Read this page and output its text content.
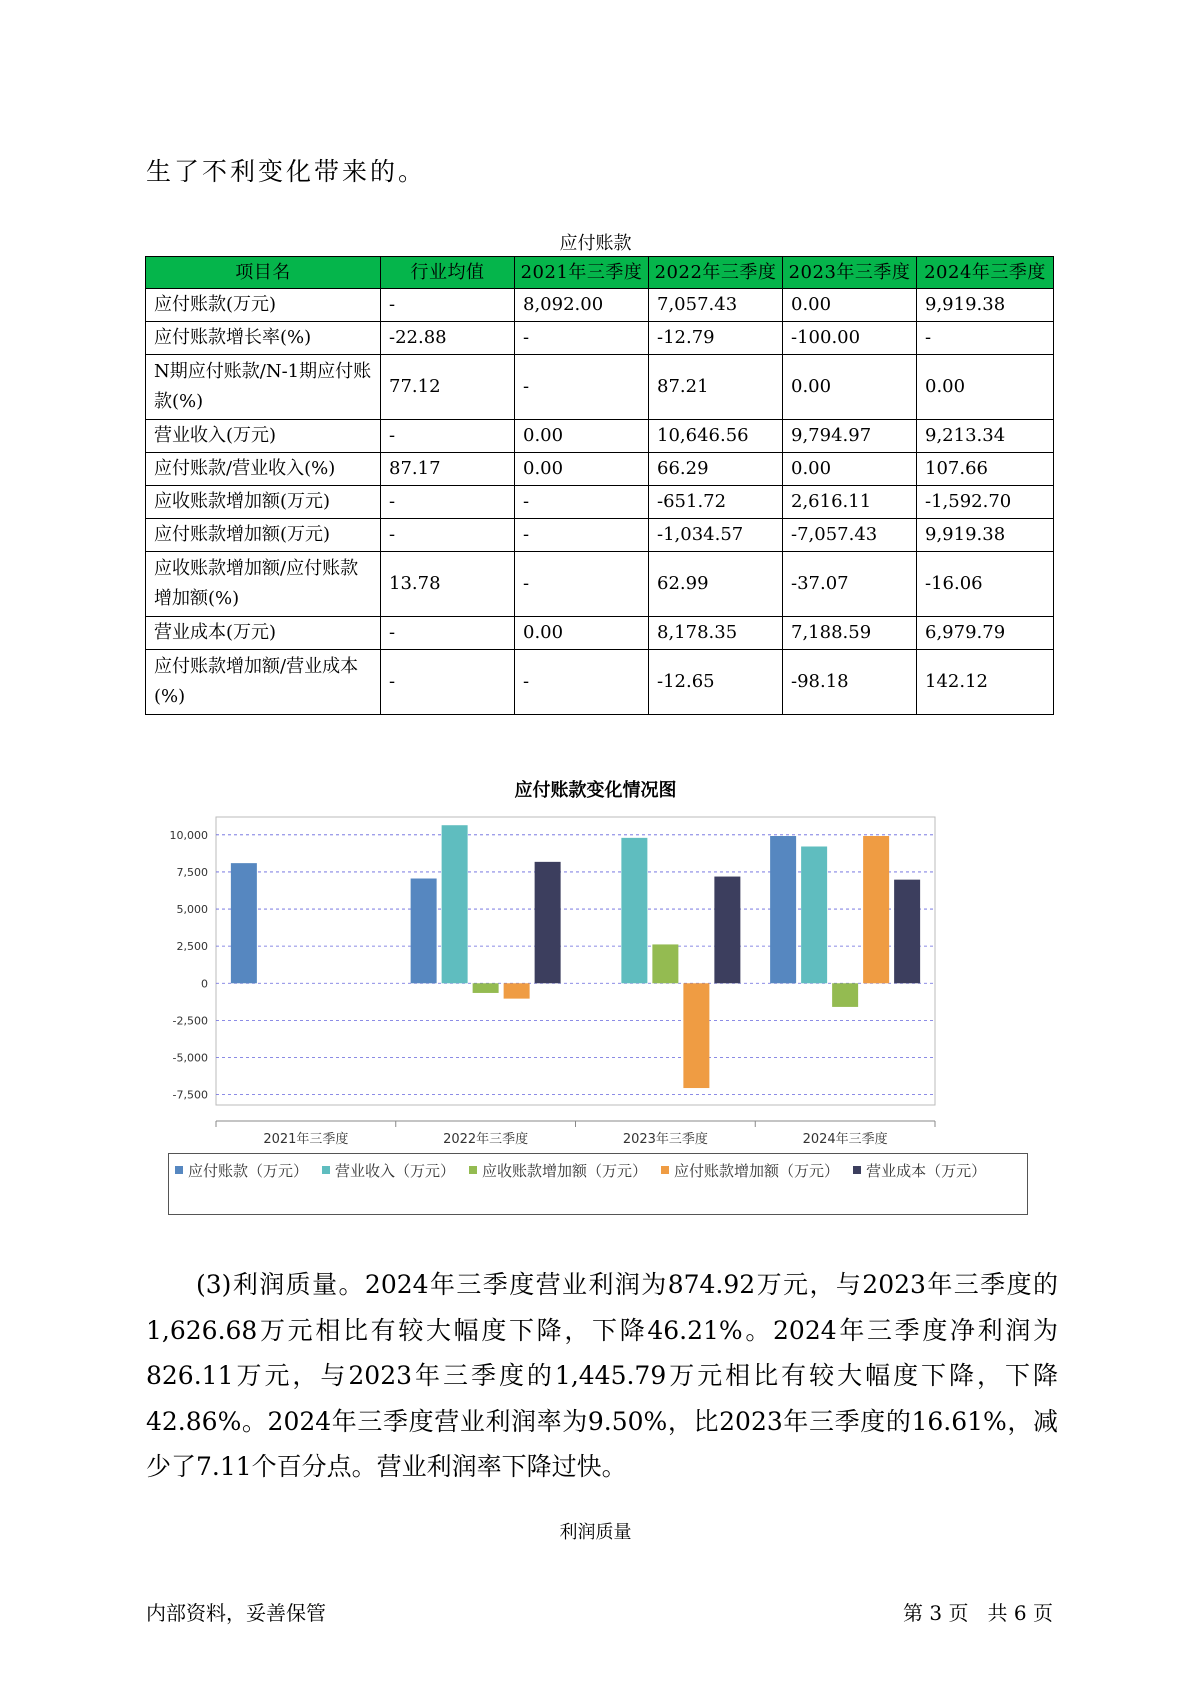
生了不利变化带来的。
应付账款
项目名	行业均值	2021年三季度	2022年三季度	2023年三季度	2024年三季度
应付账款(万元)	-	8,092.00	7,057.43	0.00	9,919.38
应付账款增长率(%)	-22.88	-	-12.79	-100.00	-
N期应付账款/N-1期应付账款(%)	77.12	-	87.21	0.00	0.00
营业收入(万元)	-	0.00	10,646.56	9,794.97	9,213.34
应付账款/营业收入(%)	87.17	0.00	66.29	0.00	107.66
应收账款增加额(万元)	-	-	-651.72	2,616.11	-1,592.70
应付账款增加额(万元)	-	-	-1,034.57	-7,057.43	9,919.38
应收账款增加额/应付账款增加额(%)	13.78	-	62.99	-37.07	-16.06
营业成本(万元)	-	0.00	8,178.35	7,188.59	6,979.79
应付账款增加额/营业成本(%)	-	-	-12.65	-98.18	142.12
应付账款变化情况图
10,000
7,500
5,000
2,500
0
-2,500
-5,000
-7,500
2021年三季度	2022年三季度	2023年三季度	2024年三季度
应付账款（万元） 营业收入（万元） 应收账款增加额（万元） 应付账款增加额（万元） 营业成本（万元）

(3)利润质量。2024年三季度营业利润为874.92万元，与2023年三季度的1,626.68万元相比有较大幅度下降，下降46.21%。2024年三季度净利润为826.11万元，与2023年三季度的1,445.79万元相比有较大幅度下降，下降42.86%。2024年三季度营业利润率为9.50%，比2023年三季度的16.61%，减少了7.11个百分点。营业利润率下降过快。

利润质量
内部资料，妥善保管	第 3 页   共 6 页
